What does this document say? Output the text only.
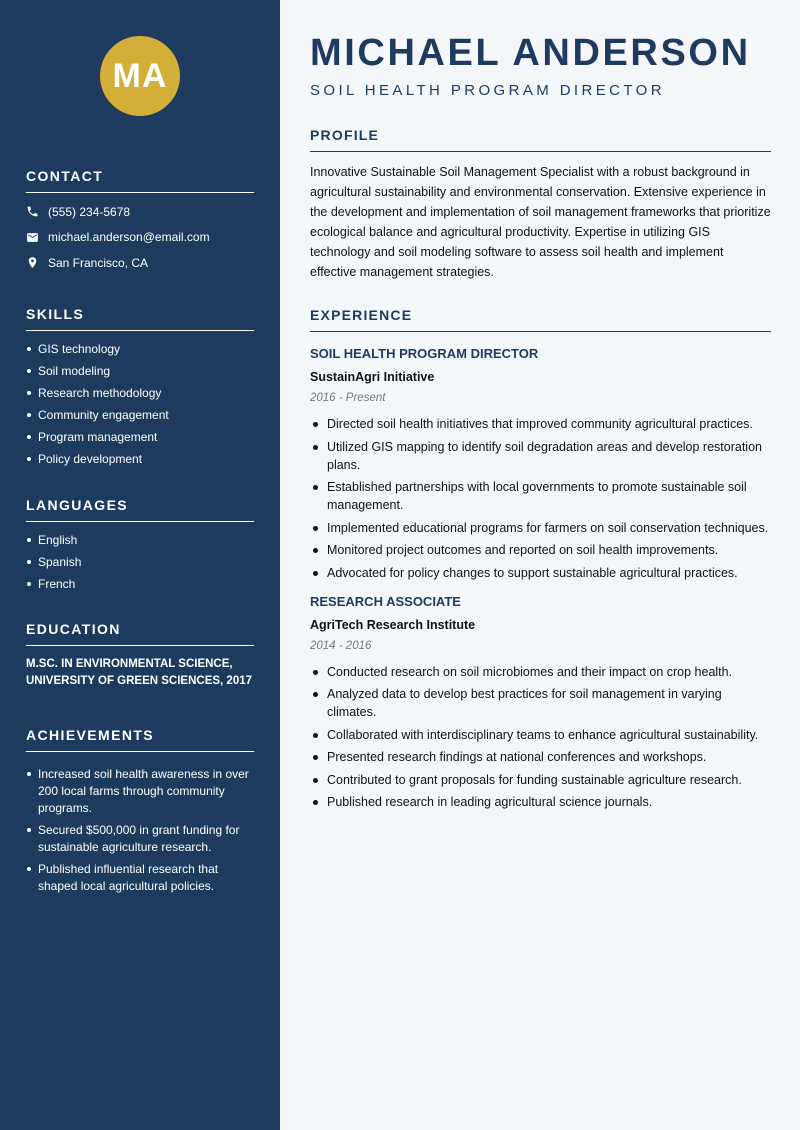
MA
CONTACT
(555) 234-5678
michael.anderson@email.com
San Francisco, CA
SKILLS
GIS technology
Soil modeling
Research methodology
Community engagement
Program management
Policy development
LANGUAGES
English
Spanish
French
EDUCATION
M.SC. IN ENVIRONMENTAL SCIENCE,
UNIVERSITY OF GREEN SCIENCES, 2017
ACHIEVEMENTS
Increased soil health awareness in over 200 local farms through community programs.
Secured $500,000 in grant funding for sustainable agriculture research.
Published influential research that shaped local agricultural policies.
MICHAEL ANDERSON
SOIL HEALTH PROGRAM DIRECTOR
PROFILE

Innovative Sustainable Soil Management Specialist with a robust background in agricultural sustainability and environmental conservation. Extensive experience in the development and implementation of soil management frameworks that prioritize ecological balance and agricultural productivity. Expertise in utilizing GIS technology and soil modeling software to assess soil health and implement effective management strategies.

EXPERIENCE
SOIL HEALTH PROGRAM DIRECTOR
SustainAgri Initiative
2016 - Present
Directed soil health initiatives that improved community agricultural practices.
Utilized GIS mapping to identify soil degradation areas and develop restoration plans.
Established partnerships with local governments to promote sustainable soil management.
Implemented educational programs for farmers on soil conservation techniques.
Monitored project outcomes and reported on soil health improvements.
Advocated for policy changes to support sustainable agricultural practices.
RESEARCH ASSOCIATE
AgriTech Research Institute
2014 - 2016
Conducted research on soil microbiomes and their impact on crop health.
Analyzed data to develop best practices for soil management in varying climates.
Collaborated with interdisciplinary teams to enhance agricultural sustainability.
Presented research findings at national conferences and workshops.
Contributed to grant proposals for funding sustainable agriculture research.
Published research in leading agricultural science journals.
